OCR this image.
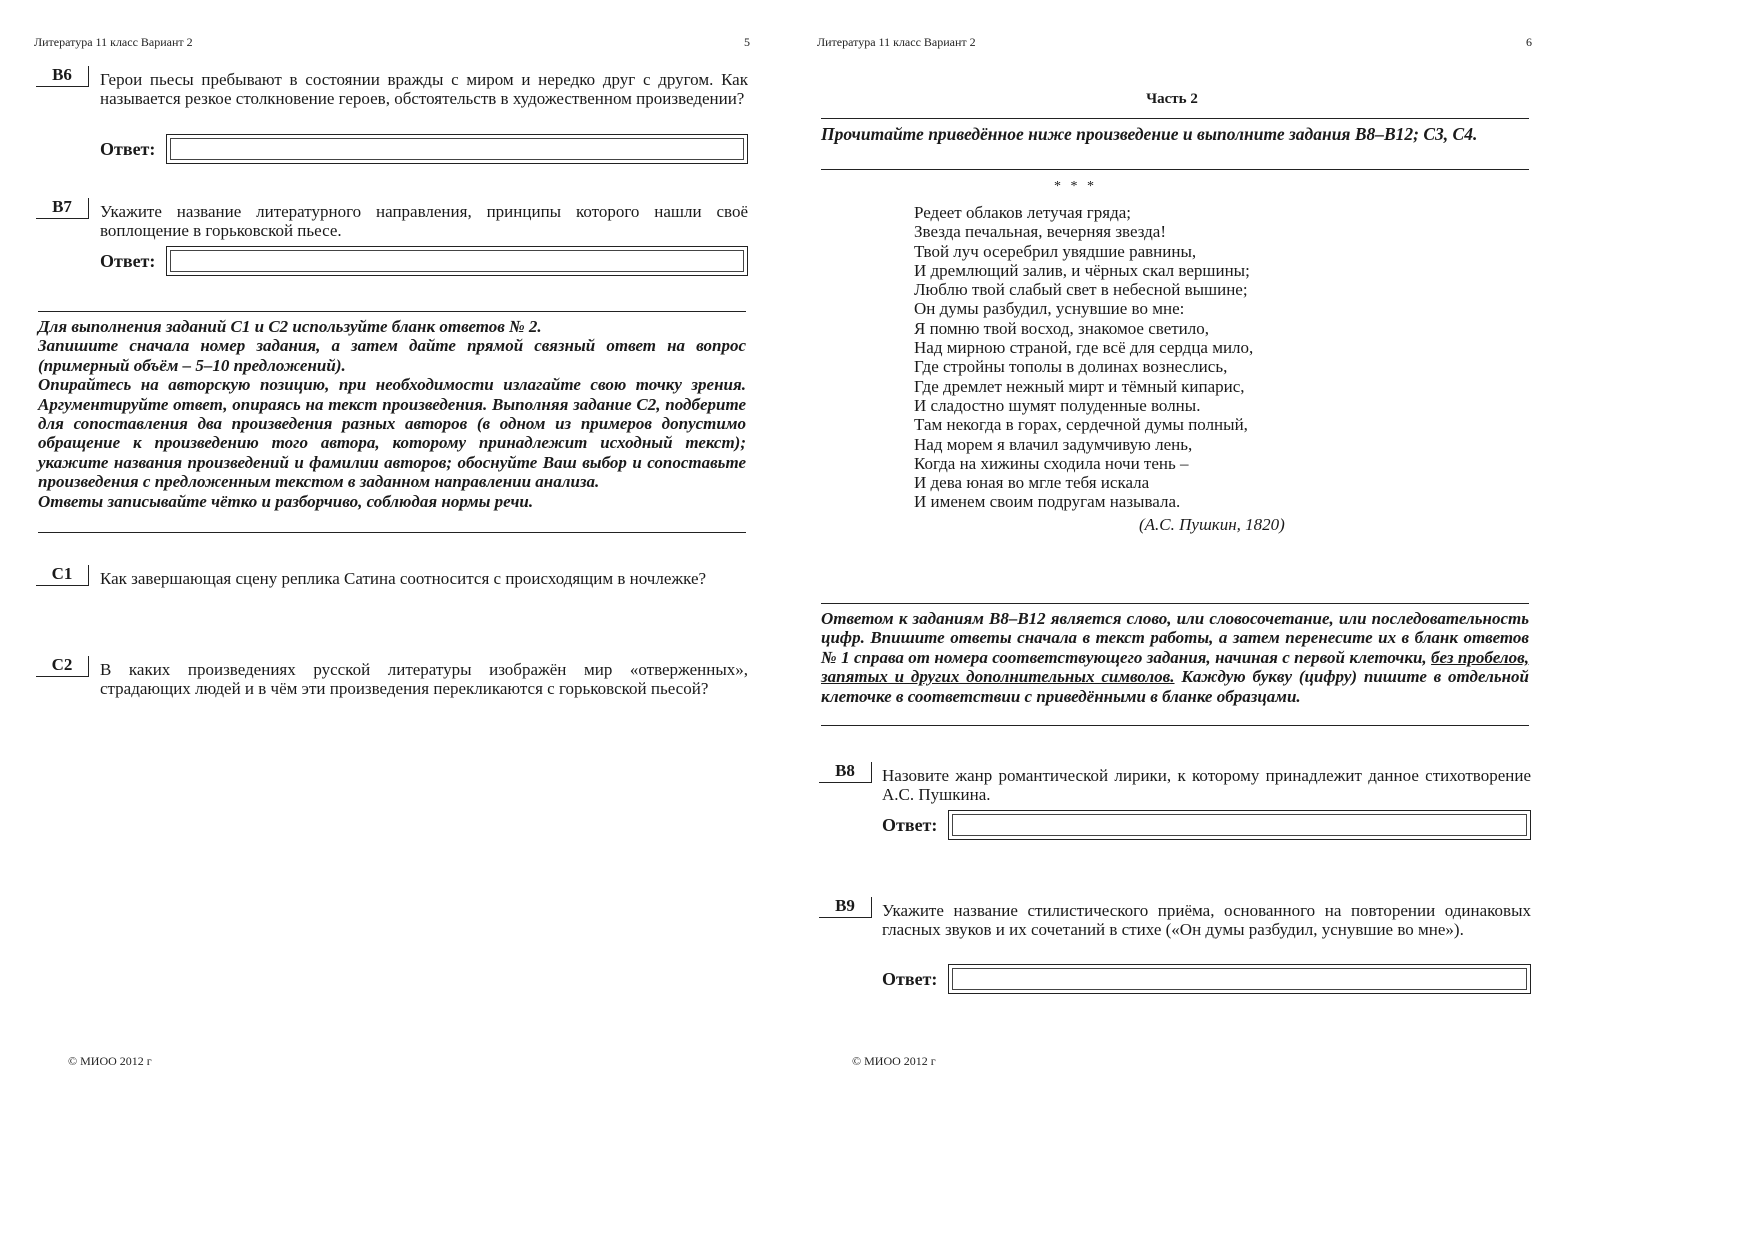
Литература 11 класс Вариант 2	5
B6	Герои пьесы пребывают в состоянии вражды с миром и нередко друг с другом. Как называется резкое столкновение героев, обстоятельств в художественном произведении?
Ответ:
B7	Укажите название литературного направления, принципы которого нашли своё воплощение в горьковской пьесе.
Ответ:

Для выполнения заданий С1 и С2 используйте бланк ответов № 2.

Запишите сначала номер задания, а затем дайте прямой связный ответ на вопрос (примерный объём – 5–10 предложений).

Опирайтесь на авторскую позицию, при необходимости излагайте свою точку зрения. Аргументируйте ответ, опираясь на текст произведения. Выполняя задание С2, подберите для сопоставления два произведения разных авторов (в одном из примеров допустимо обращение к произведению того автора, которому принадлежит исходный текст); укажите названия произведений и фамилии авторов; обоснуйте Ваш выбор и сопоставьте произведения с предложенным текстом в заданном направлении анализа.

Ответы записывайте чётко и разборчиво, соблюдая нормы речи.

C1	Как завершающая сцену реплика Сатина соотносится с происходящим в ночлежке?
C2	В каких произведениях русской литературы изображён мир «отверженных», страдающих людей и в чём эти произведения перекликаются с горьковской пьесой?
© МИОО 2012 г
Литература 11 класс Вариант 2	6
Часть 2

Прочитайте приведённое ниже произведение и выполните задания В8–В12; С3, С4.

* * *
Редеет облаков летучая гряда;
Звезда печальная, вечерняя звезда!
Твой луч осеребрил увядшие равнины,
И дремлющий залив, и чёрных скал вершины;
Люблю твой слабый свет в небесной вышине;
Он думы разбудил, уснувшие во мне:
Я помню твой восход, знакомое светило,
Над мирною страной, где всё для сердца мило,
Где стройны тополы в долинах вознеслись,
Где дремлет нежный мирт и тёмный кипарис,
И сладостно шумят полуденные волны.
Там некогда в горах, сердечной думы полный,
Над морем я влачил задумчивую лень,
Когда на хижины сходила ночи тень –
И дева юная во мгле тебя искала
И именем своим подругам называла.
(А.С. Пушкин, 1820)

Ответом к заданиям В8–В12 является слово, или словосочетание, или последовательность цифр. Впишите ответы сначала в текст работы, а затем перенесите их в бланк ответов № 1 справа от номера соответствующего задания, начиная с первой клеточки, без пробелов, запятых и других дополнительных символов. Каждую букву (цифру) пишите в отдельной клеточке в соответствии с приведёнными в бланке образцами.

B8	Назовите жанр романтической лирики, к которому принадлежит данное стихотворение А.С. Пушкина.
Ответ:
B9	Укажите название стилистического приёма, основанного на повторении одинаковых гласных звуков и их сочетаний в стихе («Он думы разбудил, уснувшие во мне»).
Ответ:
© МИОО 2012 г
